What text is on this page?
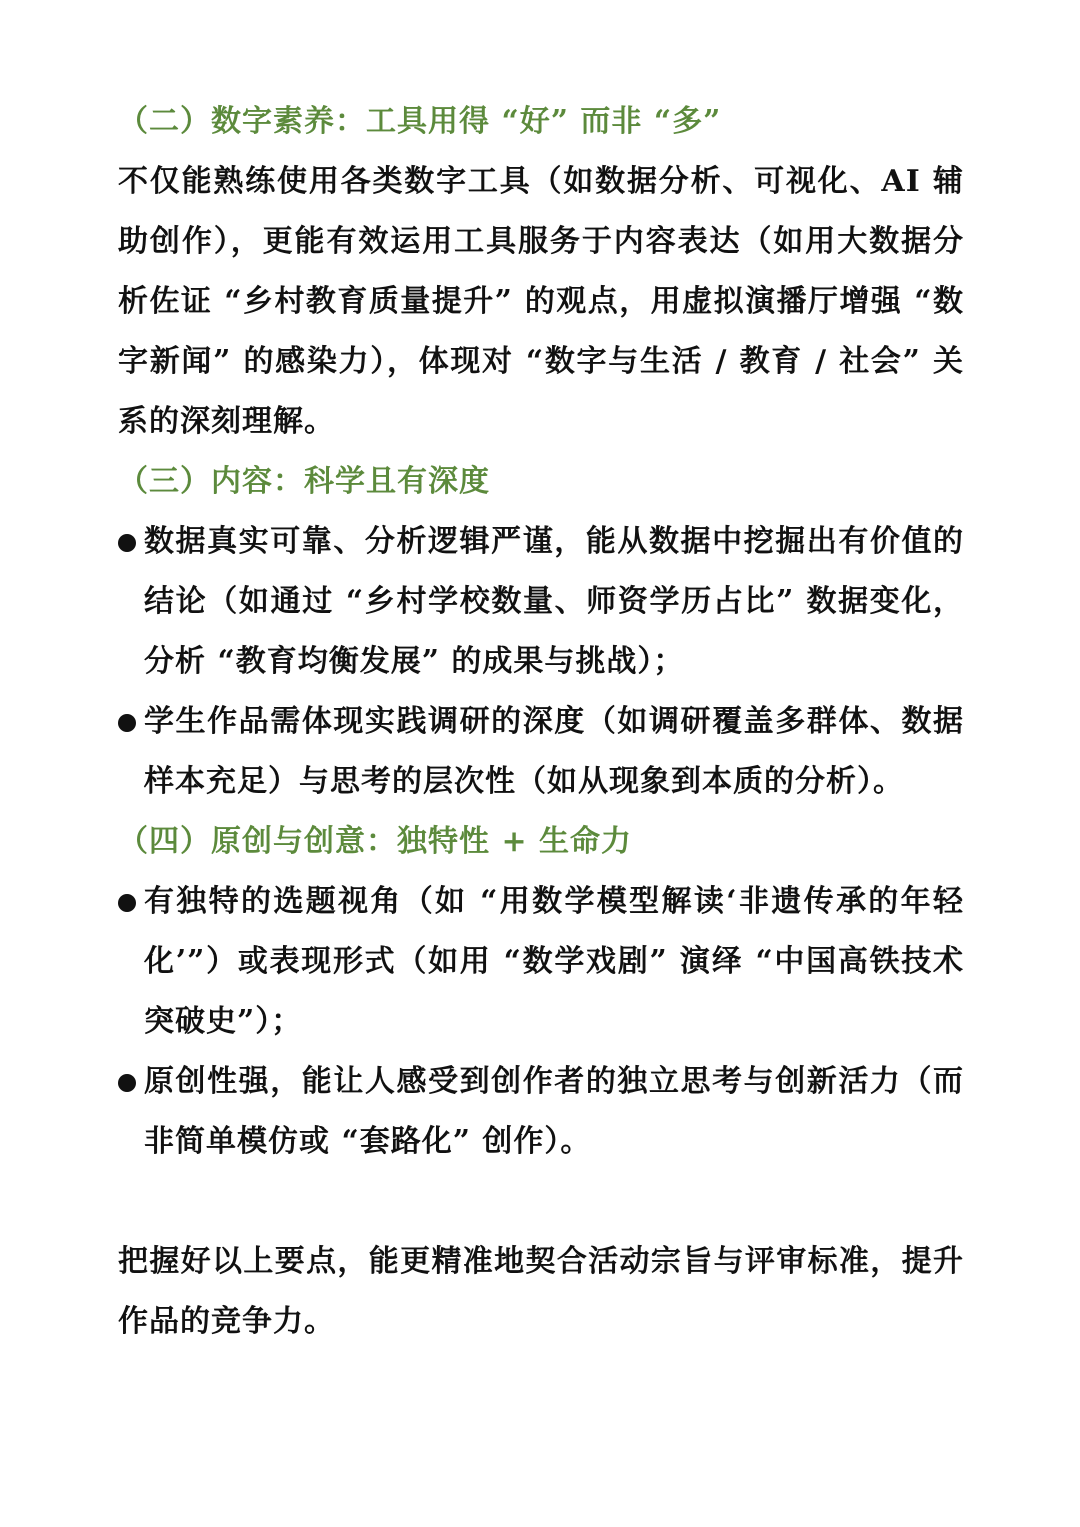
（二）数字素养：工具用得 “好” 而非 “多”
不仅能熟练使用各类数字工具（如数据分析、可视化、AI 辅助创作），更能有效运用工具服务于内容表达（如用大数据分析佐证 “乡村教育质量提升” 的观点，用虚拟演播厅增强 “数字新闻” 的感染力），体现对 “数字与生活 / 教育 / 社会” 关系的深刻理解。
（三）内容：科学且有深度
数据真实可靠、分析逻辑严谨，能从数据中挖掘出有价值的结论（如通过 “乡村学校数量、师资学历占比” 数据变化，分析 “教育均衡发展” 的成果与挑战）；
学生作品需体现实践调研的深度（如调研覆盖多群体、数据样本充足）与思考的层次性（如从现象到本质的分析）。
（四）原创与创意：独特性 + 生命力
有独特的选题视角（如 “用数学模型解读‘非遗传承的年轻化’”）或表现形式（如用 “数学戏剧” 演绎 “中国高铁技术突破史”）；
原创性强，能让人感受到创作者的独立思考与创新活力（而非简单模仿或 “套路化” 创作）。
把握好以上要点，能更精准地契合活动宗旨与评审标准，提升作品的竞争力。
